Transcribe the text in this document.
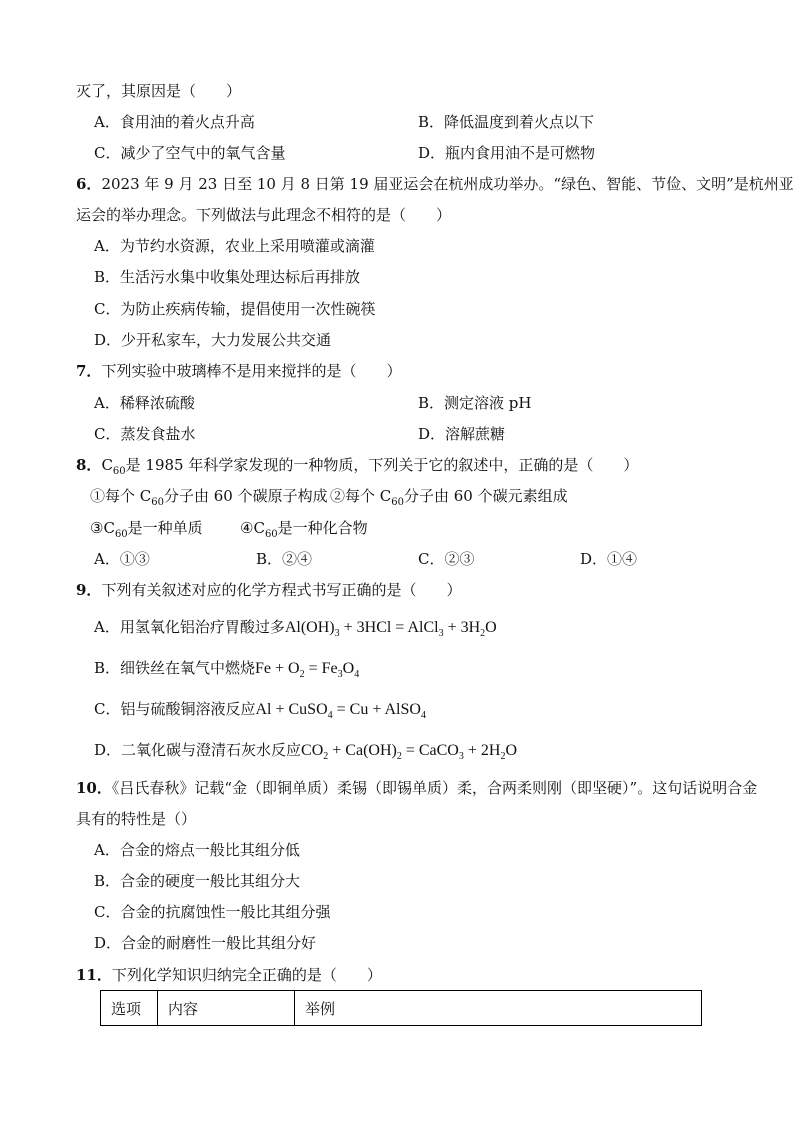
灭了，其原因是（　　）
A．食用油的着火点升高	B．降低温度到着火点以下
C．减少了空气中的氧气含量	D．瓶内食用油不是可燃物
6．2023 年 9 月 23 日至 10 月 8 日第 19 届亚运会在杭州成功举办。“绿色、智能、节俭、文明”是杭州亚
运会的举办理念。下列做法与此理念不相符的是（　　）
A．为节约水资源，农业上采用喷灌或滴灌
B．生活污水集中收集处理达标后再排放
C．为防止疾病传输，提倡使用一次性碗筷
D．少开私家车，大力发展公共交通
7．下列实验中玻璃棒不是用来搅拌的是（　　）
A．稀释浓硫酸	B．测定溶液 pH
C．蒸发食盐水	D．溶解蔗糖
8．$C_{60}$是 1985 年科学家发现的一种物质，下列关于它的叙述中，正确的是（　　）
①每个 $C_{60}$分子由 60 个碳原子构成 ②每个 $C_{60}$分子由 60 个碳元素组成
$③C_{60}$是一种单质 $④C_{60}$是一种化合物
A．①③	B．②④	C．②③	D．①④
9．下列有关叙述对应的化学方程式书写正确的是（　　）
A．用氢氧化铝治疗胃酸过多$Al(OH)_3 + 3HCl$ = AlCl$_3$ + $3H_2O$
B．细铁丝在氧气中燃烧$Fe + O_2 = Fe_3O_4$
C．铝与硫酸铜溶液反应Al + CuSO$_4$ = Cu + AlSO$_4$
D．二氧化碳与澄清石灰水反应$CO_2 + Ca(OH)_2$ = CaCO$_3$ + $2H_2O$
10．《吕氏春秋》记载“金（即铜单质）柔锡（即锡单质）柔，合两柔则刚（即坚硬）”。这句话说明合金
具有的特性是（）
A．合金的熔点一般比其组分低
B．合金的硬度一般比其组分大
C．合金的抗腐蚀性一般比其组分强
D．合金的耐磨性一般比其组分好
11．下列化学知识归纳完全正确的是（　　）
选项	内容	举例
